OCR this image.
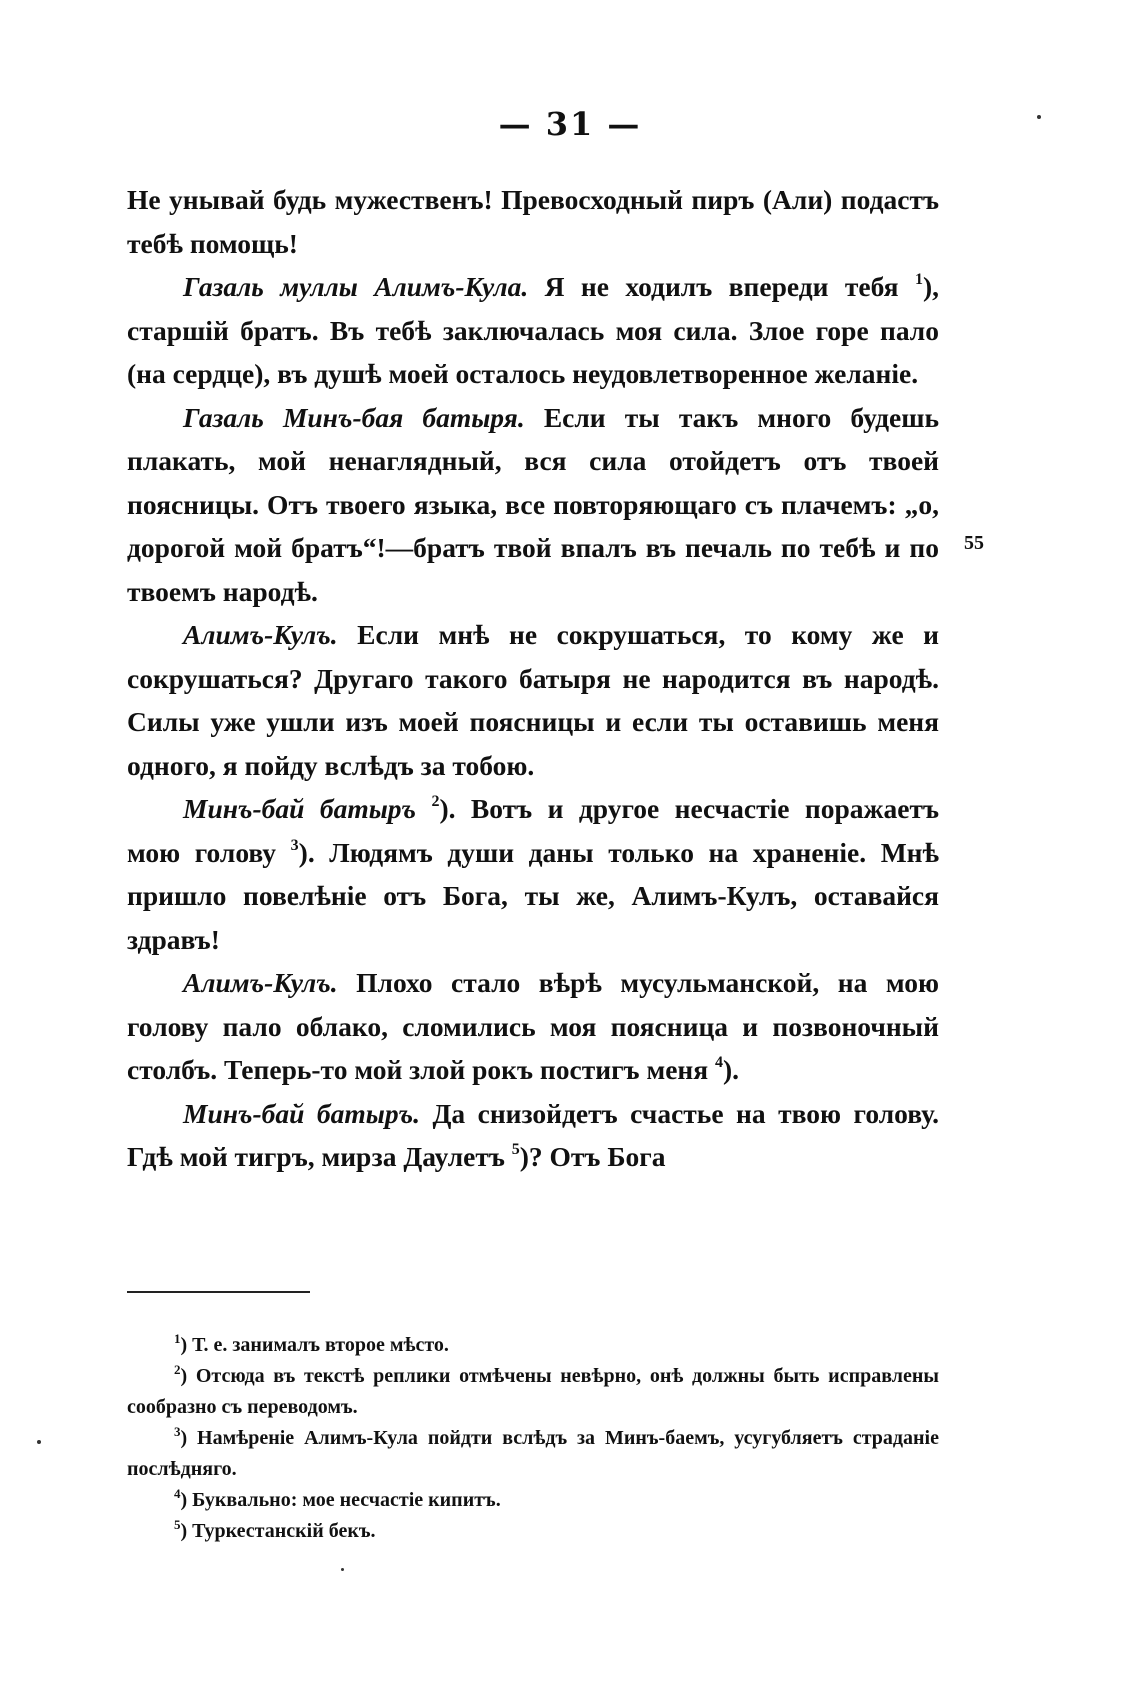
— 31 —

Не унывай будь мужественъ! Превосходный пиръ (Али) подастъ тебѣ помощь!

Газаль муллы Алимъ-Кула. Я не ходилъ впереди тебя $^1$), старшій братъ. Въ тебѣ заключалась моя сила. Злое горе пало (на сердце), въ душѣ моей осталось неудовлетворенное желаніе.

Газаль Минъ-бая батыря. Если ты такъ много будешь плакать, мой ненаглядный, вся сила отойдетъ отъ твоей поясницы. Отъ твоего языка, все повторяющаго съ плачемъ: „о, дорогой мой братъ“!—братъ твой впалъ въ печаль по тебѣ и по твоемъ народѣ.

Алимъ-Кулъ. Если мнѣ не сокрушаться, то кому же и сокрушаться? Другаго такого батыря не народится въ народѣ. Силы уже ушли изъ моей поясницы и если ты оставишь меня одного, я пойду вслѣдъ за тобою.

Минъ-бай батыръ $^2$). Вотъ и другое несчастіе поражаетъ мою голову $^3$). Людямъ души даны только на храненіе. Мнѣ пришло повелѣніе отъ Бога, ты же, Алимъ-Кулъ, оставайся здравъ!

Алимъ-Кулъ. Плохо стало вѣрѣ мусульманской, на мою голову пало облако, сломились моя поясница и позвоночный столбъ. Теперь-то мой злой рокъ постигъ меня $^4$).

Минъ-бай батыръ. Да снизойдетъ счастье на твою голову. Гдѣ мой тигръ, мирза Даулетъ $^5$)? Отъ Бога

55

$^1$) Т. е. занималъ второе мѣсто.

$^2$) Отсюда въ текстѣ реплики отмѣчены невѣрно, онѣ должны быть исправлены сообразно съ переводомъ.

$^3$) Намѣреніе Алимъ-Кула пойдти вслѣдъ за Минъ-баемъ, усугубляетъ страданіе послѣдняго.

$^4$) Буквально: мое несчастіе кипитъ.

$^5$) Туркестанскій бекъ.
